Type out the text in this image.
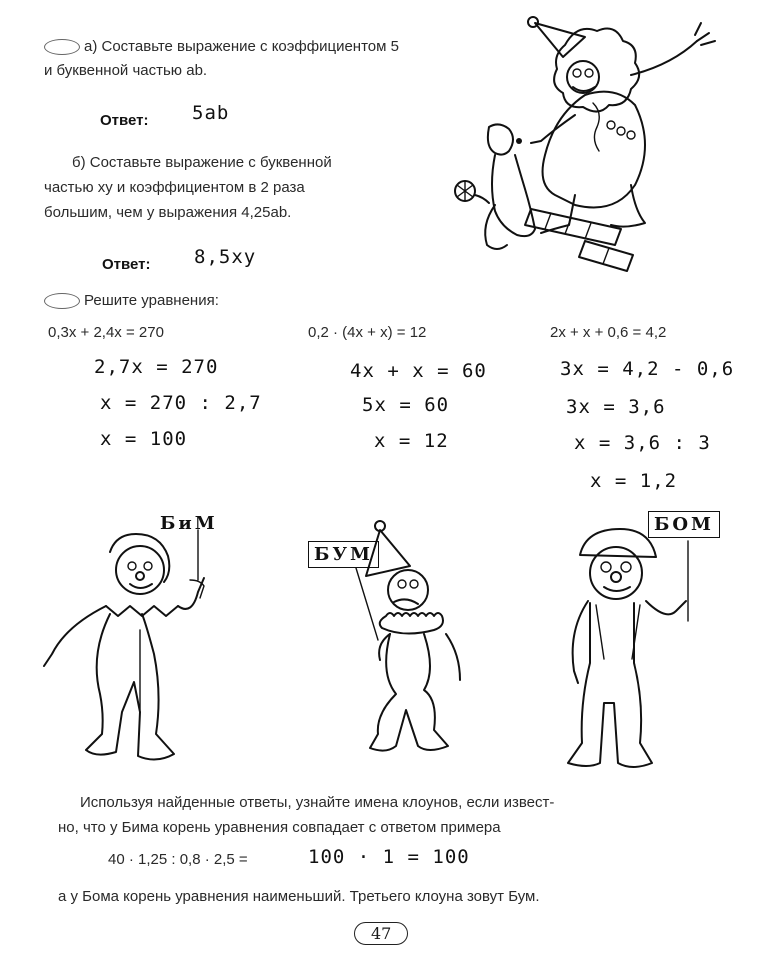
а) Составьте выражение с коэффициентом 5
и буквенной частью ab.
Ответ: 5ab
б) Составьте выражение с буквенной
частью xy и коэффициентом в 2 раза
большим, чем у выражения 4,25ab.
Ответ: 8,5xy
Решите уравнения:
0,3x + 2,4x = 270
2,7x = 270
x = 270 : 2,7
x = 100
0,2 · (4x + x) = 12
4x + x = 60
5x = 60
x = 12
2x + x + 0,6 = 4,2
3x = 4,2 - 0,6
3x = 3,6
x = 3,6 : 3
x = 1,2
БиМ
БУМ
БОМ
Используя найденные ответы, узнайте имена клоунов, если извест-
но, что у Бима корень уравнения совпадает с ответом примера
40 · 1,25 : 0,8 · 2,5 =	100 · 1 = 100
а у Бома корень уравнения наименьший. Третьего клоуна зовут Бум.
47
